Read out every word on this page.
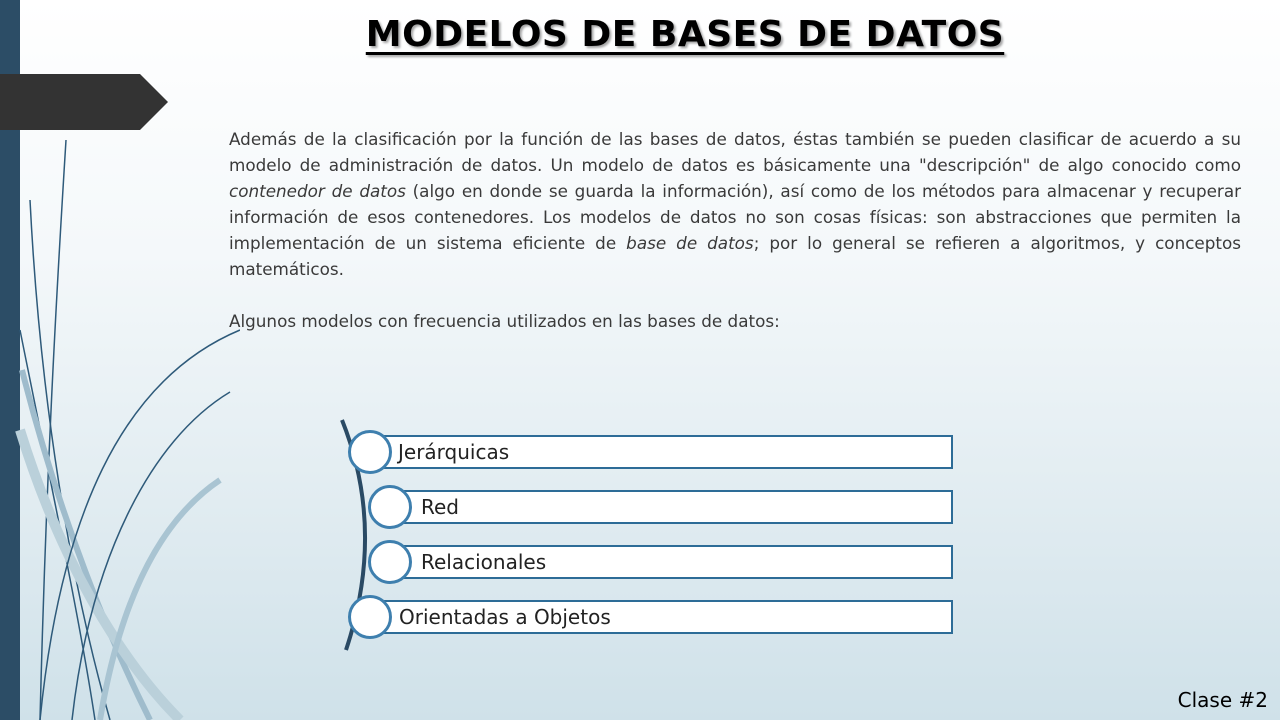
MODELOS DE BASES DE DATOS

Además de la clasificación por la función de las bases de datos, éstas también se pueden clasificar de acuerdo a su modelo de administración de datos. Un modelo de datos es básicamente una "descripción" de algo conocido como contenedor de datos (algo en donde se guarda la información), así como de los métodos para almacenar y recuperar información de esos contenedores. Los modelos de datos no son cosas físicas: son abstracciones que permiten la implementación de un sistema eficiente de base de datos; por lo general se refieren a algoritmos, y conceptos matemáticos.

Algunos modelos con frecuencia utilizados en las bases de datos:

Jerárquicas
Red
Relacionales
Orientadas a Objetos

Clase #2
